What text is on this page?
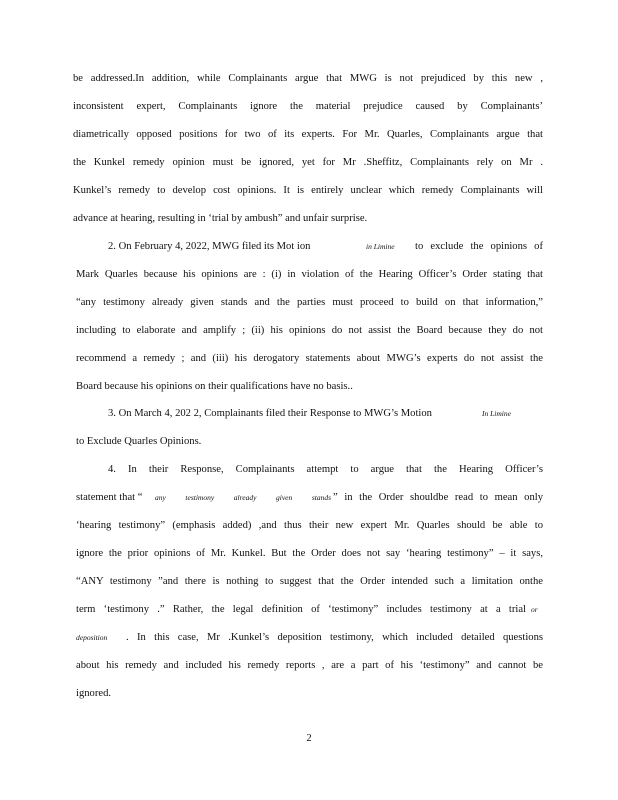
be addressed.In addition, while Complainants argue that MWG is not prejudiced by this new ,
inconsistent expert, Complainants ignore the material prejudice caused by Complainants’
diametrically opposed positions for two of its experts. For Mr. Quarles, Complainants argue that
the Kunkel remedy opinion must be ignored, yet for Mr .Sheffitz, Complainants rely on Mr .
Kunkel’s remedy to develop cost opinions. It is entirely unclear which remedy Complainants will
advance at hearing, resulting in ‘trial by ambush” and unfair surprise.
2. On February 4, 2022, MWG filed its Mot ion	in Limine	to exclude the opinions of
Mark Quarles because his opinions are : (i) in violation of the Hearing Officer’s Order stating that
“any testimony already given stands and the parties must proceed to build on that information,”
including to elaborate and amplify ; (ii) his opinions do not assist the Board because they do not
recommend a remedy ; and (iii) his derogatory statements about MWG’s experts do not assist the
Board because his opinions on their qualifications have no basis..
3. On March 4, 202 2, Complainants filed their Response to MWG’s Motion	In Limine
to Exclude Quarles Opinions.
4. In their Response, Complainants attempt to argue that the Hearing Officer’s
statement that “	any testimony already given stands ” in the Order shouldbe read to mean only
‘hearing testimony” (emphasis added) ,and thus their new expert Mr. Quarles should be able to
ignore the prior opinions of Mr. Kunkel. But the Order does not say ‘hearing testimony” – it says,
“ANY testimony ”and there is nothing to suggest that the Order intended such a limitation onthe
term ‘testimony .” Rather, the legal definition of ‘testimony” includes testimony at a trial or
deposition	. In this case, Mr .Kunkel’s deposition testimony, which included detailed questions
about his remedy and included his remedy reports , are a part of his ‘testimony” and cannot be
ignored.
2
